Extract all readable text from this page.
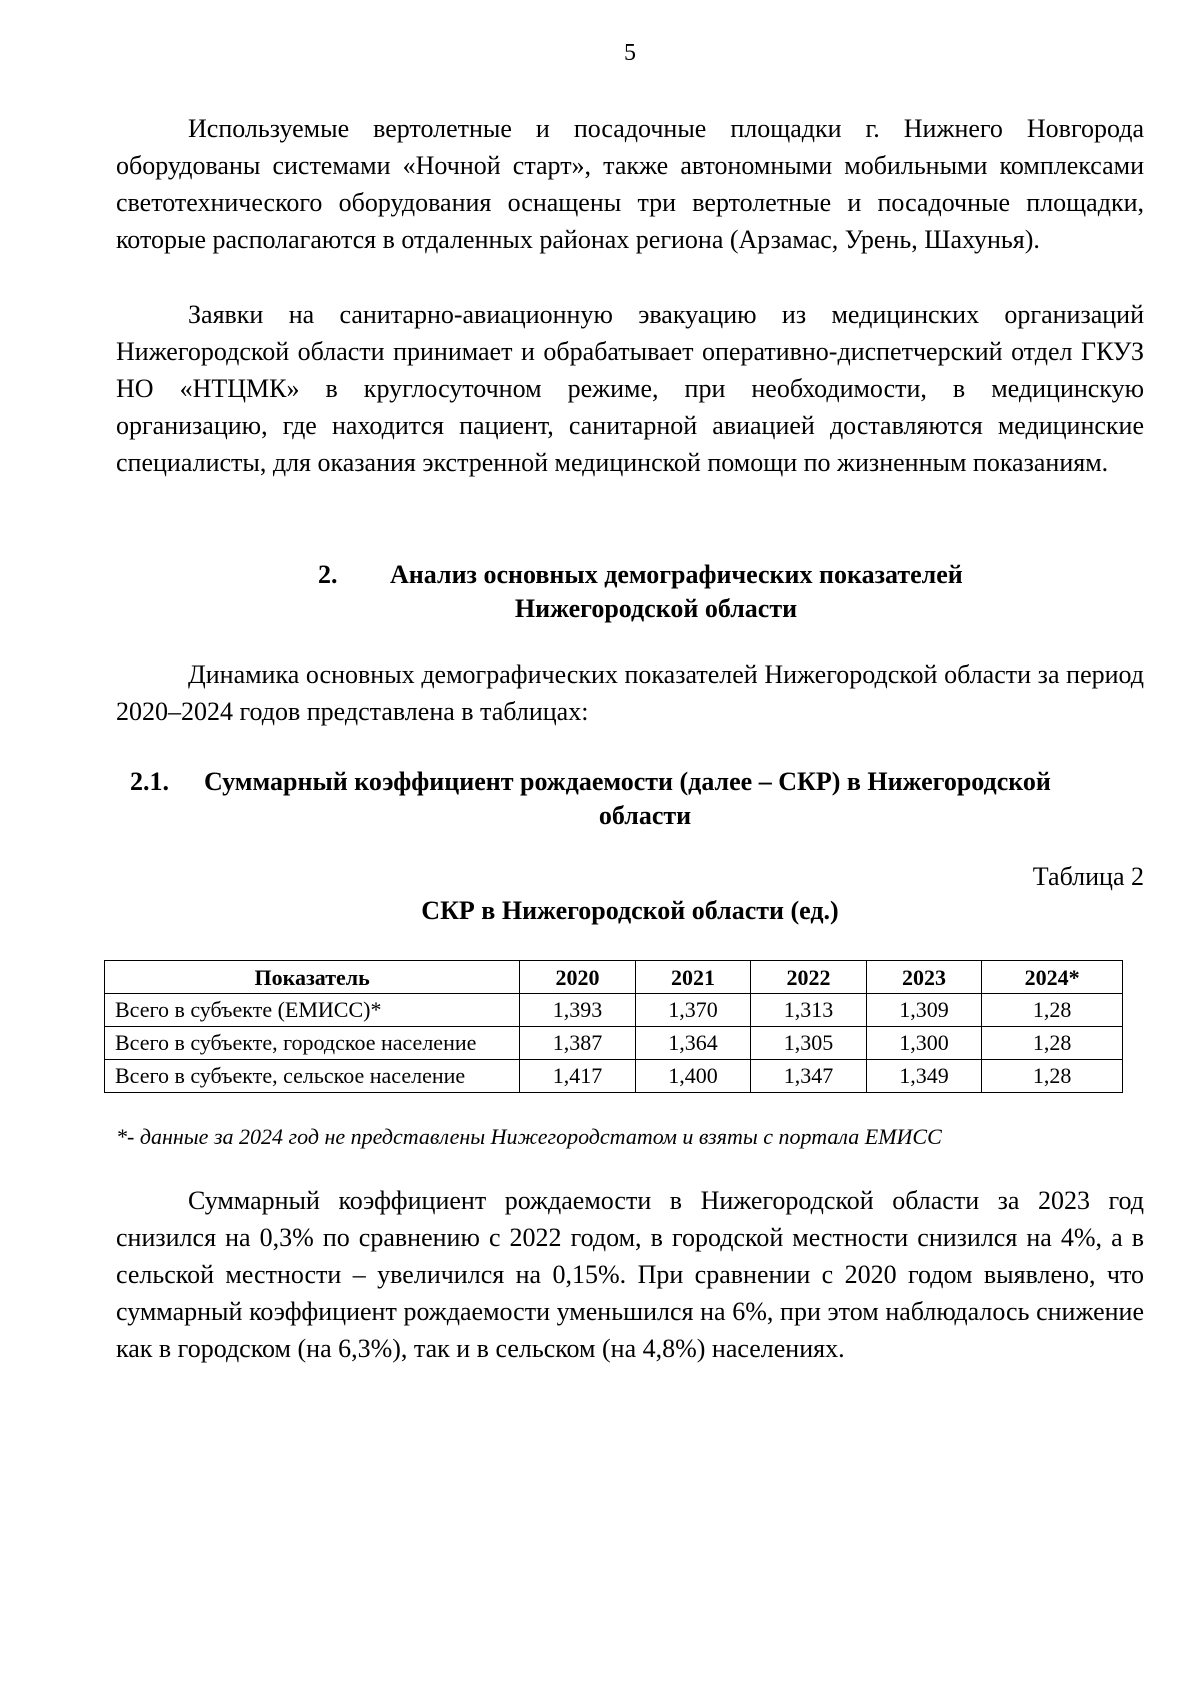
5

Используемые вертолетные и посадочные площадки г. Нижнего Новгорода оборудованы системами «Ночной старт», также автономными мобильными комплексами светотехнического оборудования оснащены три вертолетные и посадочные площадки, которые располагаются в отдаленных районах региона (Арзамас, Урень, Шахунья).

Заявки на санитарно-авиационную эвакуацию из медицинских организаций Нижегородской области принимает и обрабатывает оперативно-диспетчерский отдел ГКУЗ НО «НТЦМК» в круглосуточном режиме, при необходимости, в медицинскую организацию, где находится пациент, санитарной авиацией доставляются медицинские специалисты, для оказания экстренной медицинской помощи по жизненным показаниям.

2. Анализ основных демографических показателей
Нижегородской области

Динамика основных демографических показателей Нижегородской области за период 2020–2024 годов представлена в таблицах:

2.1. Суммарный коэффициент рождаемости (далее – СКР) в Нижегородской
области
Таблица 2
СКР в Нижегородской области (ед.)
Показатель	2020	2021	2022	2023	2024*
Всего в субъекте (ЕМИСС)*	1,393	1,370	1,313	1,309	1,28
Всего в субъекте, городское население	1,387	1,364	1,305	1,300	1,28
Всего в субъекте, сельское население	1,417	1,400	1,347	1,349	1,28
*- данные за 2024 год не представлены Нижегородстатом и взяты с портала ЕМИСС

Суммарный коэффициент рождаемости в Нижегородской области за 2023 год снизился на 0,3% по сравнению с 2022 годом, в городской местности снизился на 4%, а в сельской местности – увеличился на 0,15%. При сравнении с 2020 годом выявлено, что суммарный коэффициент рождаемости уменьшился на 6%, при этом наблюдалось снижение как в городском (на 6,3%), так и в сельском (на 4,8%) населениях.
